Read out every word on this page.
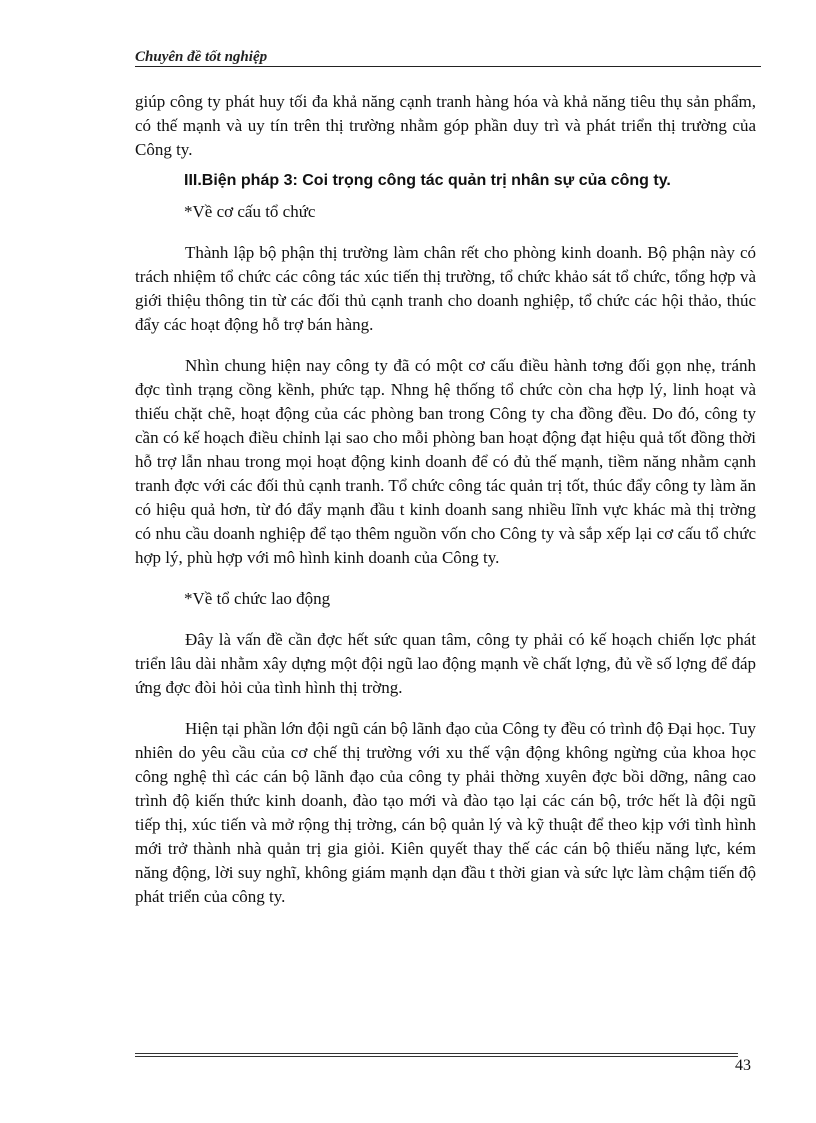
Chuyên đề tốt nghiệp

giúp công ty phát huy tối đa khả năng cạnh tranh hàng hóa và khả năng tiêu thụ sản phẩm, có thế mạnh và uy tín trên thị trường nhằm góp phần duy trì và phát triển thị trường của Công ty.

III.Biện pháp 3: Coi trọng công tác quản trị nhân sự của công ty.
*Về cơ cấu tổ chức

Thành lập bộ phận thị trường làm chân rết cho phòng kinh doanh. Bộ phận này có trách nhiệm tổ chức các công tác xúc tiến thị trường, tổ chức khảo sát tổ chức, tổng hợp và giới thiệu thông tin từ các đối thủ cạnh tranh cho doanh nghiệp, tổ chức các hội thảo, thúc đẩy các hoạt động hỗ trợ bán hàng.

Nhìn chung hiện nay công ty đã có một cơ cấu điều hành tơng đối gọn nhẹ, tránh đợc tình trạng cồng kềnh, phức tạp. Nhng hệ thống tổ chức còn cha hợp lý, linh hoạt và thiếu chặt chẽ, hoạt động của các phòng ban trong Công ty cha đồng đều. Do đó, công ty cần có kế hoạch điều chỉnh lại sao cho mỗi phòng ban hoạt động đạt hiệu quả tốt đồng thời hỗ trợ lẫn nhau trong mọi hoạt động kinh doanh để có đủ thế mạnh, tiềm năng nhằm cạnh tranh đợc với các đối thủ cạnh tranh. Tổ chức công tác quản trị tốt, thúc đẩy công ty làm ăn có hiệu quả hơn, từ đó đẩy mạnh đầu t kinh doanh sang nhiều lĩnh vực khác mà thị trờng có nhu cầu doanh nghiệp để tạo thêm nguồn vốn cho Công ty và sắp xếp lại cơ cấu tổ chức hợp lý, phù hợp với mô hình kinh doanh của Công ty.

*Về tổ chức lao động

Đây là vấn đề cần đợc hết sức quan tâm, công ty phải có kế hoạch chiến lợc phát triển lâu dài nhằm xây dựng một đội ngũ lao động mạnh về chất lợng, đủ về số lợng để đáp ứng đợc đòi hỏi của tình hình thị trờng.

Hiện tại phần lớn đội ngũ cán bộ lãnh đạo của Công ty đều có trình độ Đại học. Tuy nhiên do yêu cầu của cơ chế thị trường với xu thế vận động không ngừng của khoa học công nghệ thì các cán bộ lãnh đạo của công ty phải thờng xuyên đợc bồi dỡng, nâng cao trình độ kiến thức kinh doanh, đào tạo mới và đào tạo lại các cán bộ, trớc hết là đội ngũ tiếp thị, xúc tiến và mở rộng thị trờng, cán bộ quản lý và kỹ thuật để theo kịp với tình hình mới trở thành nhà quản trị gia giỏi. Kiên quyết thay thế các cán bộ thiếu năng lực, kém năng động, lời suy nghĩ, không giám mạnh dạn đầu t thời gian và sức lực làm chậm tiến độ phát triển của công ty.

43
